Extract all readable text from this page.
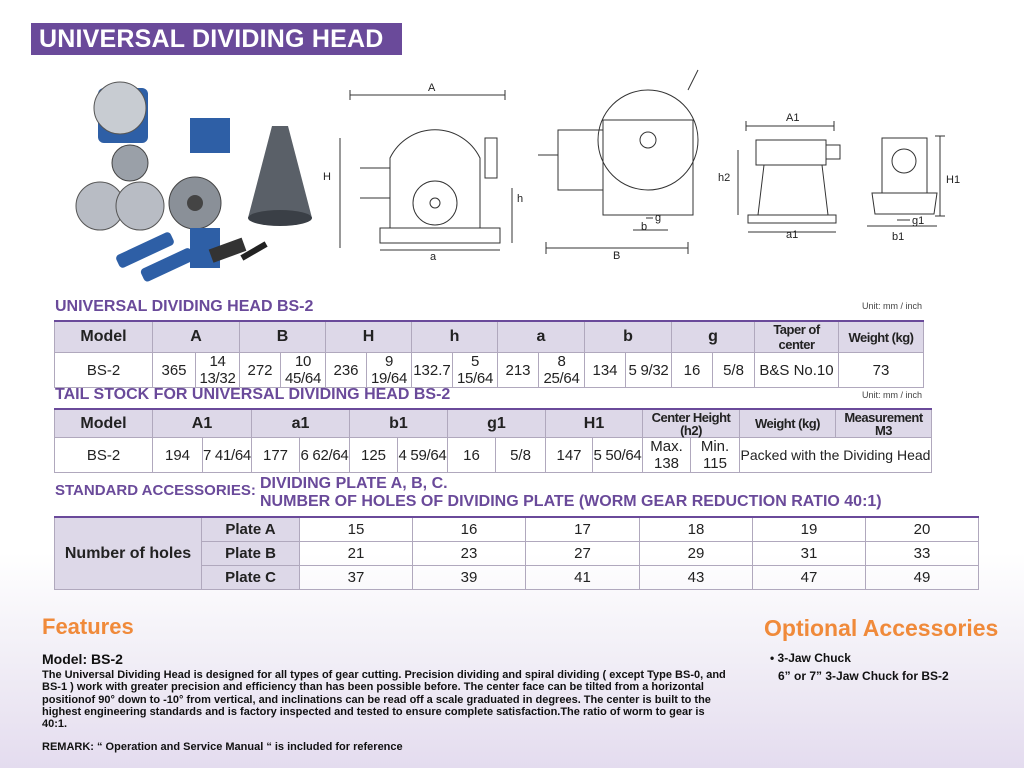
UNIVERSAL DIVIDING HEAD
A
H
h
a	B
b
g
A1
h2
a1
H1
b1
g1
UNIVERSAL DIVIDING HEAD BS-2	Unit: mm / inch
Model	A		B		H		h		a		b		g		Taper of center	Weight (kg)
BS-2	365	14 13/32	272	10 45/64	236	9 19/64	132.7	5 15/64	213	8 25/64	134	5 9/32	16	5/8	B&S No.10	73
TAIL STOCK FOR UNIVERSAL DIVIDING HEAD BS-2	Unit: mm / inch
Model	A1		a1		b1		g1		H1		Center Height (h2)		Weight (kg)	Measurement M3
BS-2	194	7 41/64	177	6 62/64	125	4 59/64	16	5/8	147	5 50/64	Max. 138	Min. 115	Packed with the Dividing Head	
STANDARD ACCESSORIES: DIVIDING PLATE A, B, C.
NUMBER OF HOLES OF DIVIDING PLATE (WORM GEAR REDUCTION RATIO 40:1)
Number of holes	Plate A	15	16	17	18	19	20
	Plate B	21	23	27	29	31	33
	Plate C	37	39	41	43	47	49
Features	Optional Accessories
Model: BS-2
The Universal Dividing Head is designed for all types of gear cutting. Precision dividing and spiral dividing ( except Type BS-0, and BS-1 ) work with greater precision and efficiency than has been possible before. The center face can be tilted from a horizontal positionof 90° down to -10° from vertical, and inclinations can be read off a scale graduated in degrees. The center is built to the highest engineering standards and is factory inspected and tested to ensure complete satisfaction.The ratio of worm to gear is 40:1.
REMARK: “ Operation and Service Manual “ is included for reference
• 3-Jaw Chuck
6” or 7” 3-Jaw Chuck for BS-2
